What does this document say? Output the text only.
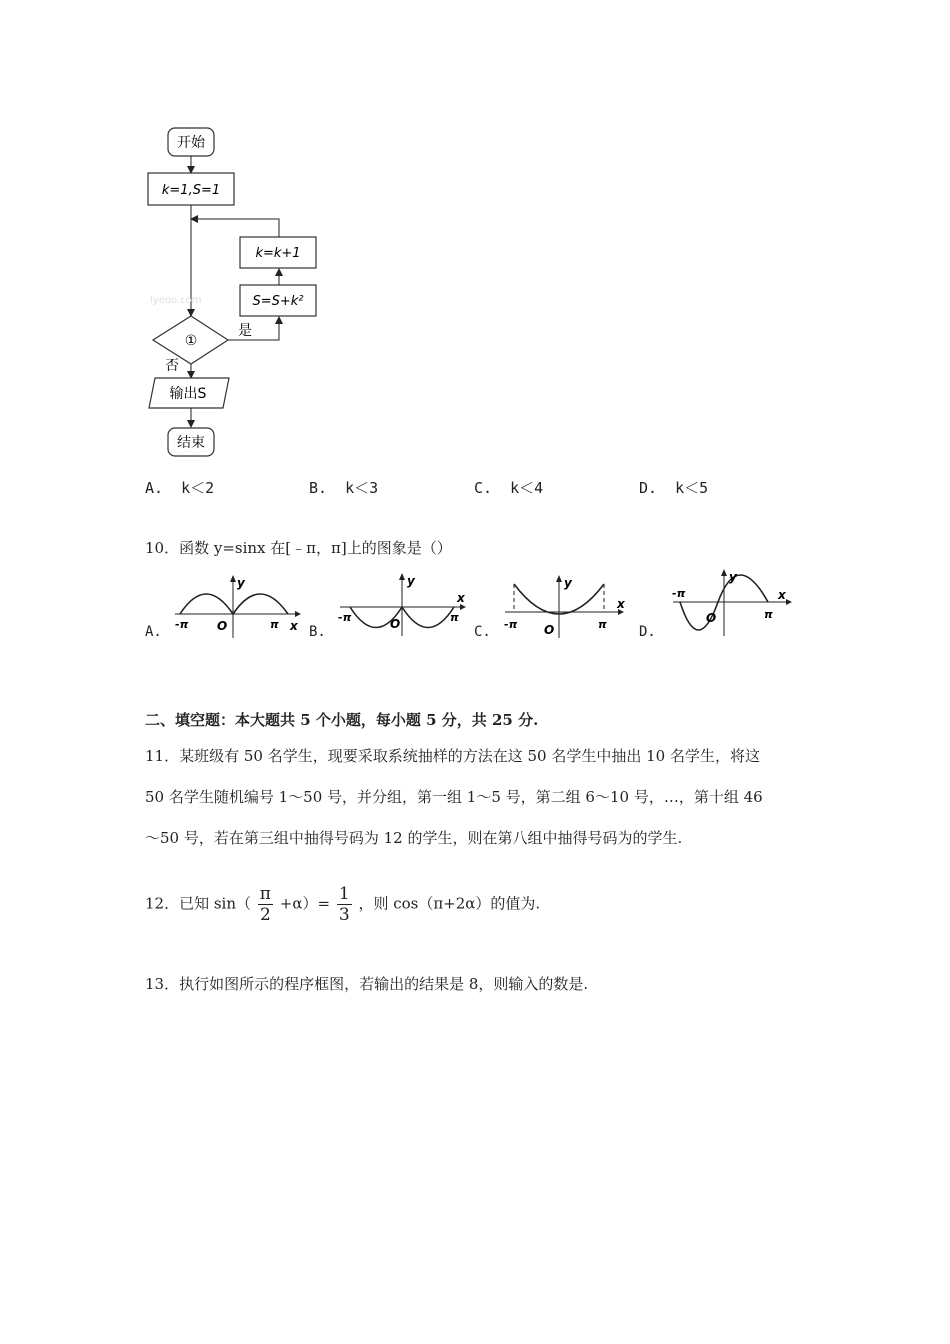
开始
k=1,S=1
k=k+1
S=S+k²
lyeoo.com
①
是
否
输出S
结束
A. k＜2	B. k＜3	C. k＜4	D. k＜5
10．函数 y=sinx 在[﹣π，π]上的图象是（）
A.	B.	C.	D.
y
x
O
-π	π
y
x
O
-π	π
y
x
O
-π	π
y
x
O
-π
π
二、填空题：本大题共 5 个小题，每小题 5 分，共 25 分.
11．某班级有 50 名学生，现要采取系统抽样的方法在这 50 名学生中抽出 10 名学生，将这
50 名学生随机编号 1～50 号，并分组，第一组 1～5 号，第二组 6～10 号，…，第十组 46
～50 号，若在第三组中抽得号码为 12 的学生，则在第八组中抽得号码为的学生.
12．已知 $\sin( \frac{\pi}{2} +\alpha)= \frac{1}{3}$ ，则 cos（π+2α）的值为.
13．执行如图所示的程序框图，若输出的结果是 8，则输入的数是.
